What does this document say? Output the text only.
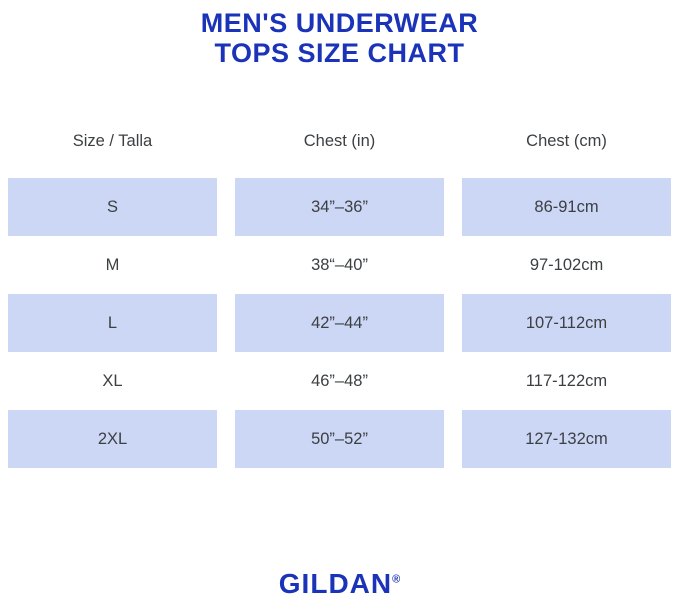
MEN'S UNDERWEAR
TOPS SIZE CHART
Size / Talla		Chest (in)		Chest (cm)
S		34”–36”		86-91cm
M		38“–40”		97-102cm
L		42”–44”		107-112cm
XL		46”–48”		117-122cm
2XL		50”–52”		127-132cm
GILDAN®
